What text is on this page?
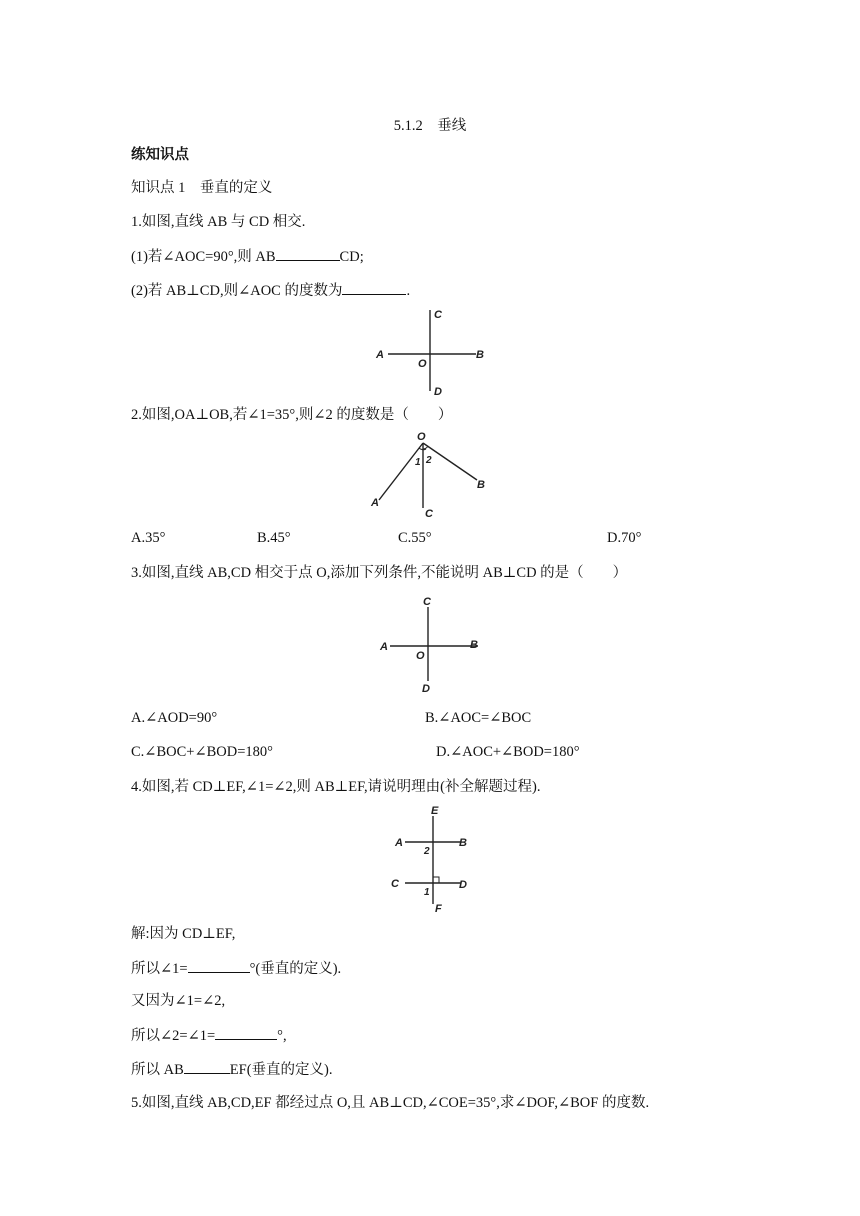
5.1.2　垂线
练知识点
知识点 1　垂直的定义
1.如图,直线 AB 与 CD 相交.
(1)若∠AOC=90°,则 AB	CD;
(2)若 AB⊥CD,则∠AOC 的度数为	.
A	B
C
D
O
2.如图,OA⊥OB,若∠1=35°,则∠2 的度数是（　　）
O
A
B
C
1 2
A.35°	B.45°	C.55°	D.70°
3.如图,直线 AB,CD 相交于点 O,添加下列条件,不能说明 AB⊥CD 的是（　　）
A	B
C
D
O
A.∠AOD=90°	B.∠AOC=∠BOC
C.∠BOC+∠BOD=180°	D.∠AOC+∠BOD=180°
4.如图,若 CD⊥EF,∠1=∠2,则 AB⊥EF,请说明理由(补全解题过程).
A	B
C	D
E
F
1
2
解:因为 CD⊥EF,
所以∠1=	°(垂直的定义).
又因为∠1=∠2,
所以∠2=∠1=	°,
所以 AB	EF(垂直的定义).
5.如图,直线 AB,CD,EF 都经过点 O,且 AB⊥CD,∠COE=35°,求∠DOF,∠BOF 的度数.
